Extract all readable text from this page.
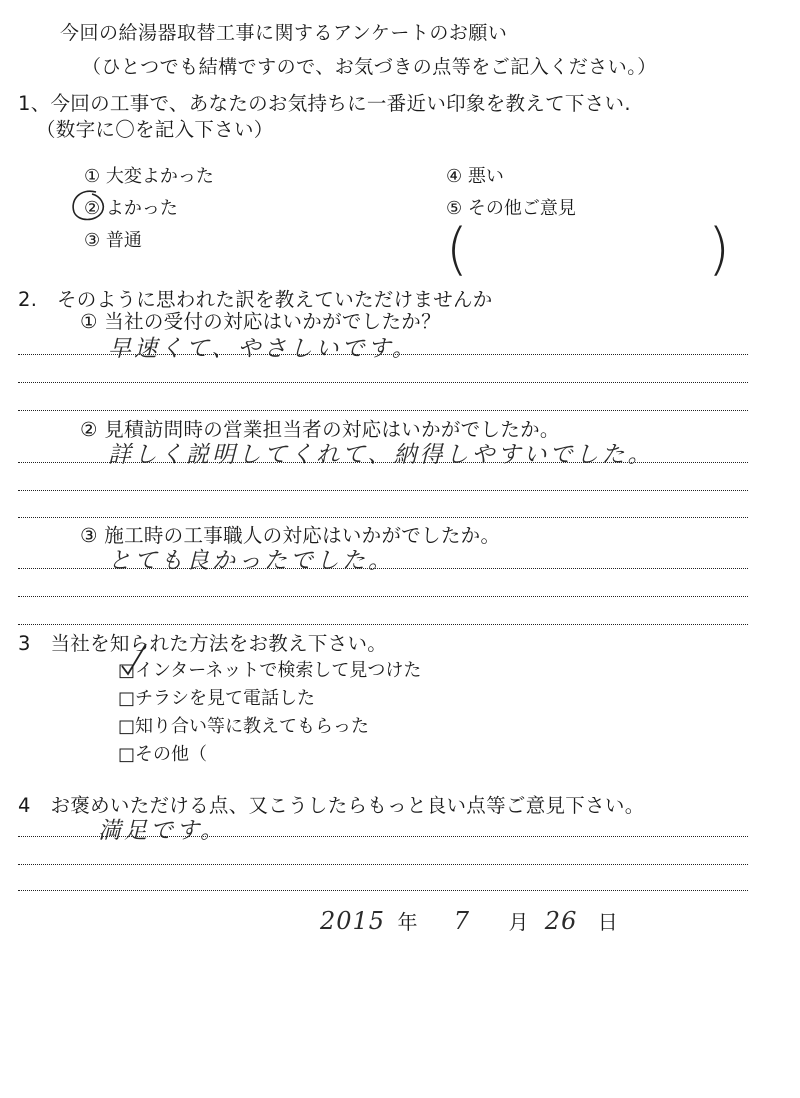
今回の給湯器取替工事に関するアンケートのお願い
（ひとつでも結構ですので、お気づきの点等をご記入ください。）
1、今回の工事で、あなたのお気持ちに一番近い印象を教えて下さい.
（数字に〇を記入下さい）
① 大変よかった
② よかった
③ 普通
④ 悪い
⑤ その他ご意見
(	)
2.　そのように思われた訳を教えていただけませんか
① 当社の受付の対応はいかがでしたか？
早速くて、やさしいです。
② 見積訪問時の営業担当者の対応はいかがでしたか。
詳しく説明してくれて、納得しやすいでした。
③ 施工時の工事職人の対応はいかがでしたか。
とても良かったでした。
3　当社を知られた方法をお教え下さい。
□インターネットで検索して見つけた
□チラシを見て電話した
□知り合い等に教えてもらった
□その他（
4　お褒めいただける点、又こうしたらもっと良い点等ご意見下さい。
満足です。
2015 年 7 月 26 日
